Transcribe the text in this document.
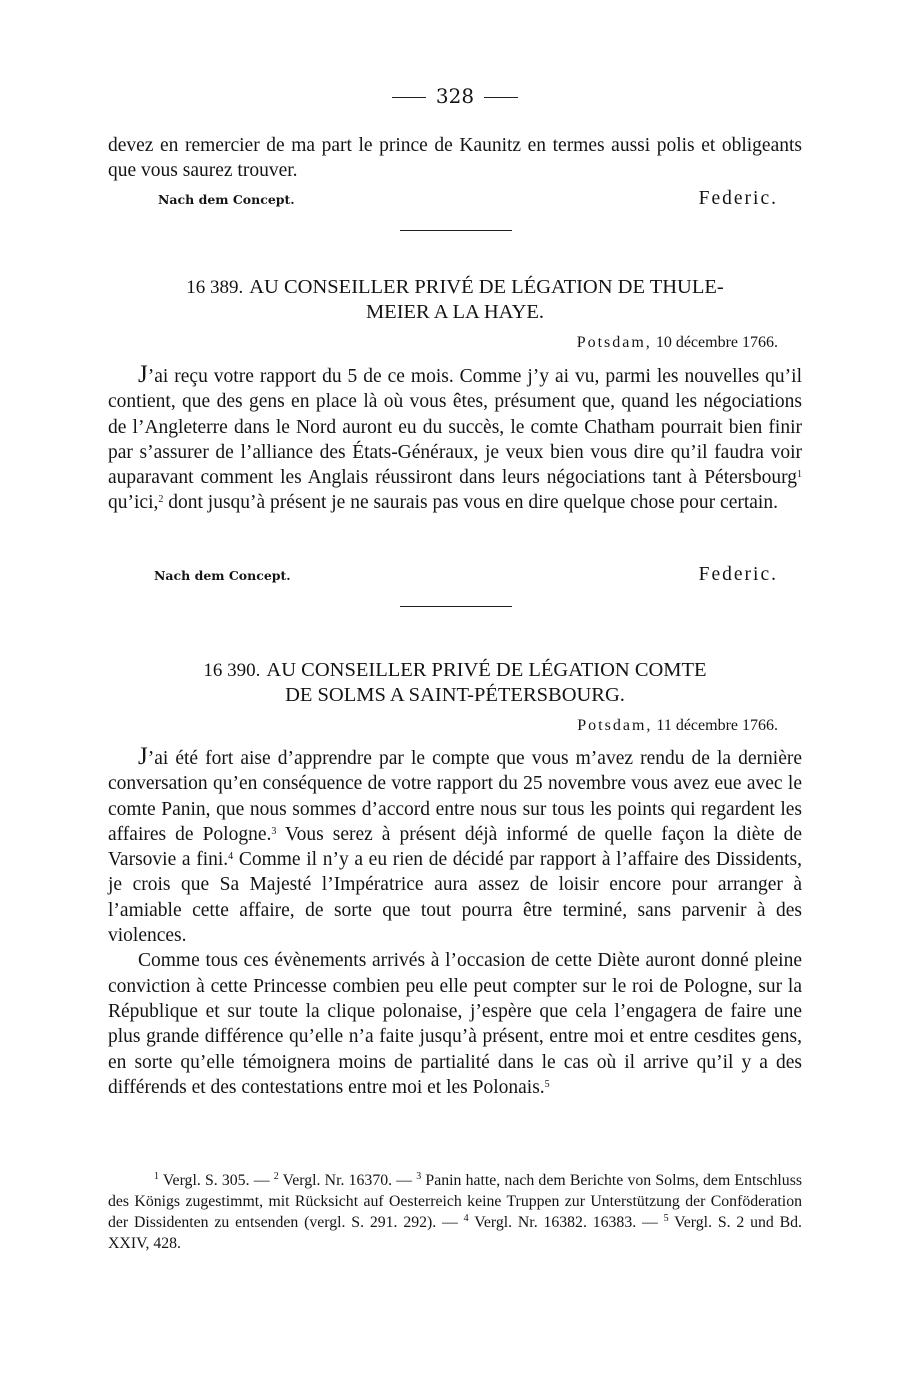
328

devez en remercier de ma part le prince de Kaunitz en termes aussi polis et obligeants que vous saurez trouver.

Nach dem Concept.	Federic.
16 389. AU CONSEILLER PRIVÉ DE LÉGATION DE THULE-
MEIER A LA HAYE.
Potsdam, 10 décembre 1766.

J’ai reçu votre rapport du 5 de ce mois. Comme j’y ai vu, parmi les nouvelles qu’il contient, que des gens en place là où vous êtes, présument que, quand les négociations de l’Angleterre dans le Nord auront eu du succès, le comte Chatham pourrait bien finir par s’assurer de l’alliance des États-Généraux, je veux bien vous dire qu’il faudra voir auparavant comment les Anglais réussiront dans leurs négociations tant à Pétersbourg$^1$ qu’ici,$^2$ dont jusqu’à présent je ne saurais pas vous en dire quelque chose pour certain.

Nach dem Concept.	Federic.
16 390. AU CONSEILLER PRIVÉ DE LÉGATION COMTE
DE SOLMS A SAINT-PÉTERSBOURG.
Potsdam, 11 décembre 1766.

J’ai été fort aise d’apprendre par le compte que vous m’avez rendu de la dernière conversation qu’en conséquence de votre rapport du 25 novembre vous avez eue avec le comte Panin, que nous sommes d’accord entre nous sur tous les points qui regardent les affaires de Pologne.$^3$ Vous serez à présent déjà informé de quelle façon la diète de Varsovie a fini.$^4$ Comme il n’y a eu rien de décidé par rapport à l’affaire des Dissidents, je crois que Sa Majesté l’Impératrice aura assez de loisir encore pour arranger à l’amiable cette affaire, de sorte que tout pourra être terminé, sans parvenir à des violences.

Comme tous ces évènements arrivés à l’occasion de cette Diète auront donné pleine conviction à cette Princesse combien peu elle peut compter sur le roi de Pologne, sur la République et sur toute la clique polonaise, j’espère que cela l’engagera de faire une plus grande différence qu’elle n’a faite jusqu’à présent, entre moi et entre cesdites gens, en sorte qu’elle témoignera moins de partialité dans le cas où il arrive qu’il y a des différends et des contestations entre moi et les Polonais.$^5$

$^1$ Vergl. S. 305. — $^2$ Vergl. Nr. 16370. — $^3$ Panin hatte, nach dem Berichte von Solms, dem Entschluss des Königs zugestimmt, mit Rücksicht auf Oesterreich keine Truppen zur Unterstützung der Conföderation der Dissidenten zu entsenden (vergl. S. 291. 292). — $^4$ Vergl. Nr. 16382. 16383. — $^5$ Vergl. S. 2 und Bd. XXIV, 428.
